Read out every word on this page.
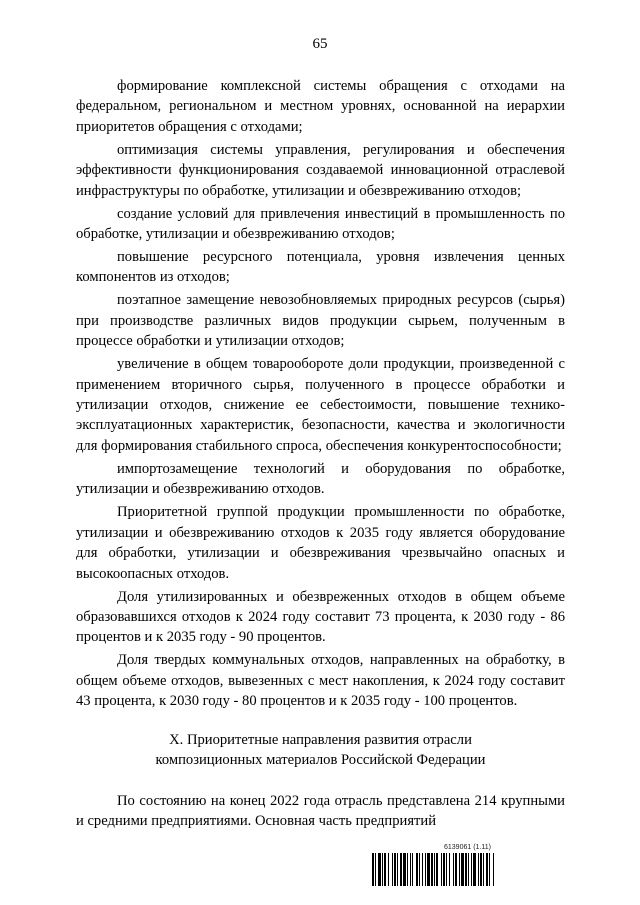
65

формирование комплексной системы обращения с отходами на федеральном, региональном и местном уровнях, основанной на иерархии приоритетов обращения с отходами;

оптимизация системы управления, регулирования и обеспечения эффективности функционирования создаваемой инновационной отраслевой инфраструктуры по обработке, утилизации и обезвреживанию отходов;

создание условий для привлечения инвестиций в промышленность по обработке, утилизации и обезвреживанию отходов;

повышение ресурсного потенциала, уровня извлечения ценных компонентов из отходов;

поэтапное замещение невозобновляемых природных ресурсов (сырья) при производстве различных видов продукции сырьем, полученным в процессе обработки и утилизации отходов;

увеличение в общем товарообороте доли продукции, произведенной с применением вторичного сырья, полученного в процессе обработки и утилизации отходов, снижение ее себестоимости, повышение технико-эксплуатационных характеристик, безопасности, качества и экологичности для формирования стабильного спроса, обеспечения конкурентоспособности;

импортозамещение технологий и оборудования по обработке, утилизации и обезвреживанию отходов.

Приоритетной группой продукции промышленности по обработке, утилизации и обезвреживанию отходов к 2035 году является оборудование для обработки, утилизации и обезвреживания чрезвычайно опасных и высокоопасных отходов.

Доля утилизированных и обезвреженных отходов в общем объеме образовавшихся отходов к 2024 году составит 73 процента, к 2030 году - 86 процентов и к 2035 году - 90 процентов.

Доля твердых коммунальных отходов, направленных на обработку, в общем объеме отходов, вывезенных с мест накопления, к 2024 году составит 43 процента, к 2030 году - 80 процентов и к 2035 году - 100 процентов.

X. Приоритетные направления развития отрасли
композиционных материалов Российской Федерации

По состоянию на конец 2022 года отрасль представлена 214 крупными и средними предприятиями. Основная часть предприятий

6139061 (1.11)
